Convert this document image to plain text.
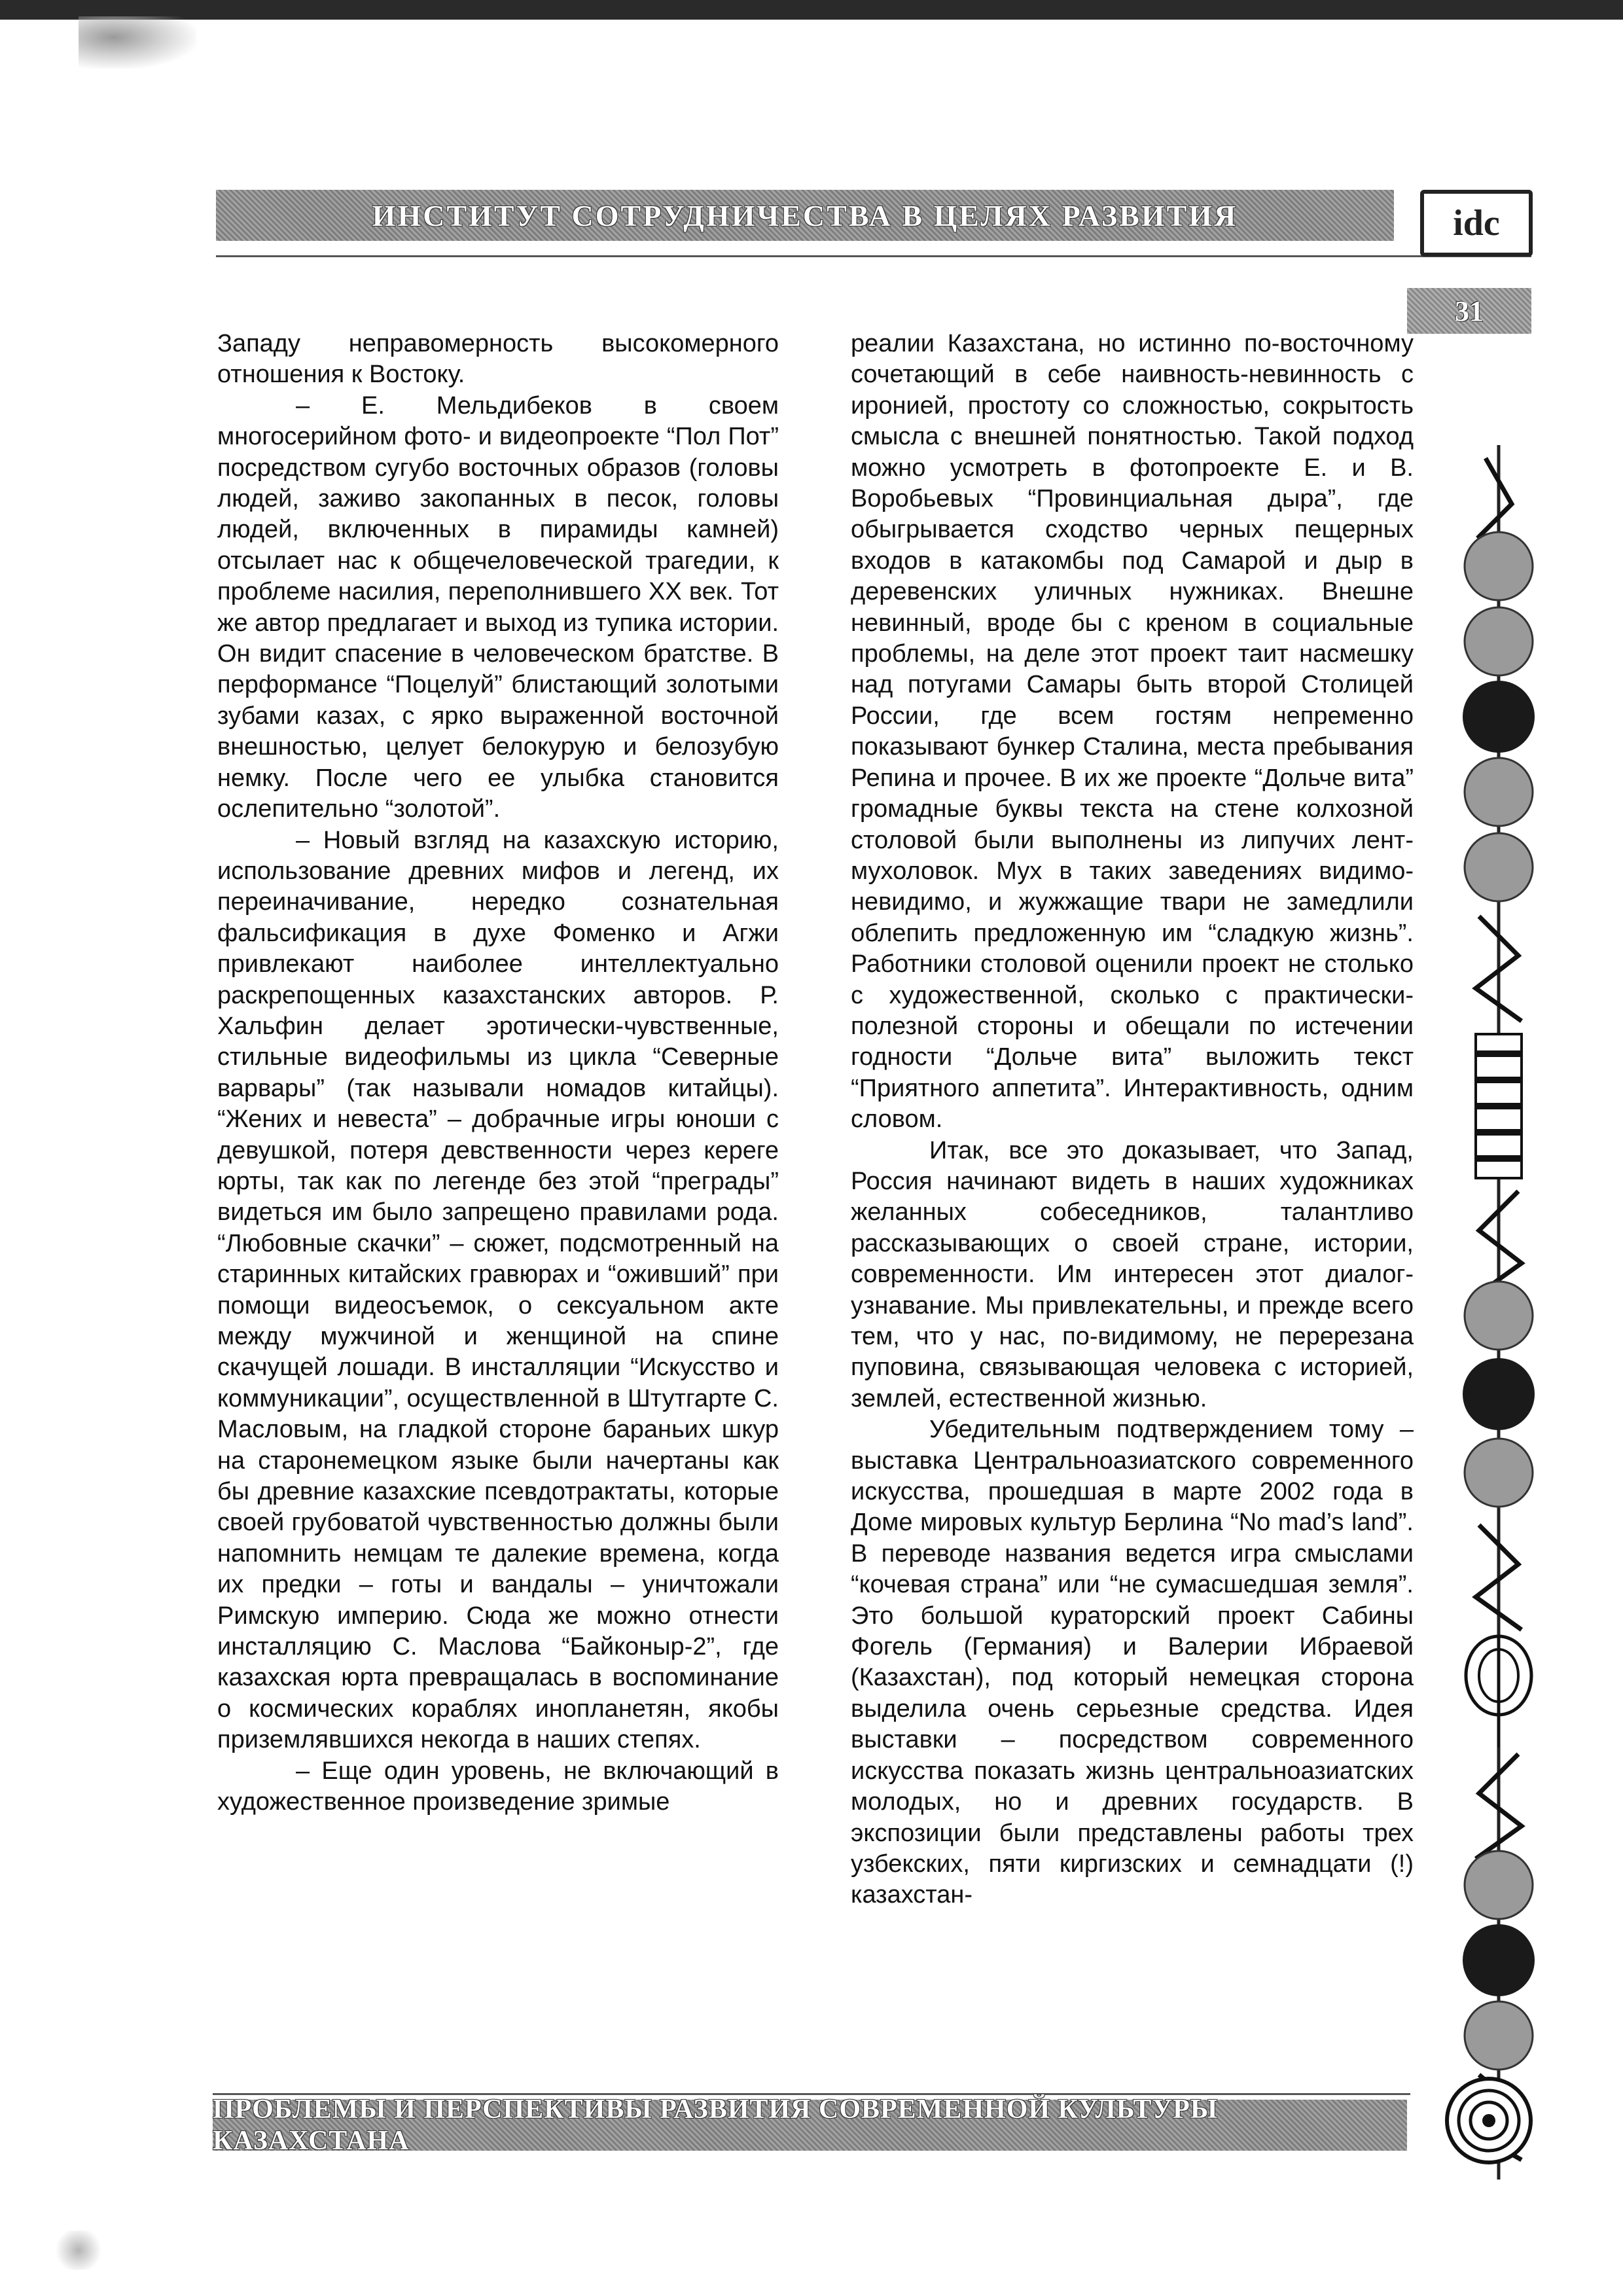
ИНСТИТУТ СОТРУДНИЧЕСТВА В ЦЕЛЯХ РАЗВИТИЯ	idc
31

Западу неправомерность высокомерного отношения к Востоку.

– Е. Мельдибеков в своем многосерийном фото- и видеопроекте “Пол Пот” посредством сугубо восточных образов (головы людей, заживо закопанных в песок, головы людей, включенных в пирамиды камней) отсылает нас к общечеловеческой трагедии, к проблеме насилия, переполнившего XX век. Тот же автор предлагает и выход из тупика истории. Он видит спасение в человеческом братстве. В перформансе “Поцелуй” блистающий золотыми зубами казах, с ярко выраженной восточной внешностью, целует белокурую и белозубую немку. После чего ее улыбка становится ослепительно “золотой”.

– Новый взгляд на казахскую историю, использование древних мифов и легенд, их переиначивание, нередко сознательная фальсификация в духе Фоменко и Агжи привлекают наиболее интеллектуально раскрепощенных казахстанских авторов. Р. Хальфин делает эротически-чувственные, стильные видеофильмы из цикла “Северные варвары” (так называли номадов китайцы). “Жених и невеста” – добрачные игры юноши с девушкой, потеря девственности через кереге юрты, так как по легенде без этой “преграды” видеться им было запрещено правилами рода. “Любовные скачки” – сюжет, подсмотренный на старинных китайских гравюрах и “оживший” при помощи видеосъемок, о сексуальном акте между мужчиной и женщиной на спине скачущей лошади. В инсталляции “Искусство и коммуникации”, осуществленной в Штутгарте С. Масловым, на гладкой стороне бараньих шкур на старонемецком языке были начертаны как бы древние казахские псевдотрактаты, которые своей грубоватой чувственностью должны были напомнить немцам те далекие времена, когда их предки – готы и вандалы – уничтожали Римскую империю. Сюда же можно отнести инсталляцию С. Маслова “Байконыр-2”, где казахская юрта превращалась в воспоминание о космических кораблях инопланетян, якобы приземлявшихся некогда в наших степях.

– Еще один уровень, не включающий в художественное произведение зримые

реалии Казахстана, но истинно по-восточному сочетающий в себе наивность-невинность с иронией, простоту со сложностью, сокрытость смысла с внешней понятностью. Такой подход можно усмотреть в фотопроекте Е. и В. Воробьевых “Провинциальная дыра”, где обыгрывается сходство черных пещерных входов в катакомбы под Самарой и дыр в деревенских уличных нужниках. Внешне невинный, вроде бы с креном в социальные проблемы, на деле этот проект таит насмешку над потугами Самары быть второй Столицей России, где всем гостям непременно показывают бункер Сталина, места пребывания Репина и прочее. В их же проекте “Дольче вита” громадные буквы текста на стене колхозной столовой были выполнены из липучих лент-мухоловок. Мух в таких заведениях видимо-невидимо, и жужжащие твари не замедлили облепить предложенную им “сладкую жизнь”. Работники столовой оценили проект не столько с художественной, сколько с практически-полезной стороны и обещали по истечении годности “Дольче вита” выложить текст “Приятного аппетита”. Интерактивность, одним словом.

Итак, все это доказывает, что Запад, Россия начинают видеть в наших художниках желанных собеседников, талантливо рассказывающих о своей стране, истории, современности. Им интересен этот диалог-узнавание. Мы привлекательны, и прежде всего тем, что у нас, по-видимому, не перерезана пуповина, связывающая человека с историей, землей, естественной жизнью.

Убедительным подтверждением тому – выставка Центральноазиатского современного искусства, прошедшая в марте 2002 года в Доме мировых культур Берлина “No mad’s land”. В переводе названия ведется игра смыслами “кочевая страна” или “не сумасшедшая земля”. Это большой кураторский проект Сабины Фогель (Германия) и Валерии Ибраевой (Казахстан), под который немецкая сторона выделила очень серьезные средства. Идея выставки – посредством современного искусства показать жизнь центральноазиатских молодых, но и древних государств. В экспозиции были представлены работы трех узбекских, пяти киргизских и семнадцати (!) казахстан-

ПРОБЛЕМЫ И ПЕРСПЕКТИВЫ РАЗВИТИЯ СОВРЕМЕННОЙ КУЛЬТУРЫ КАЗАХСТАНА
